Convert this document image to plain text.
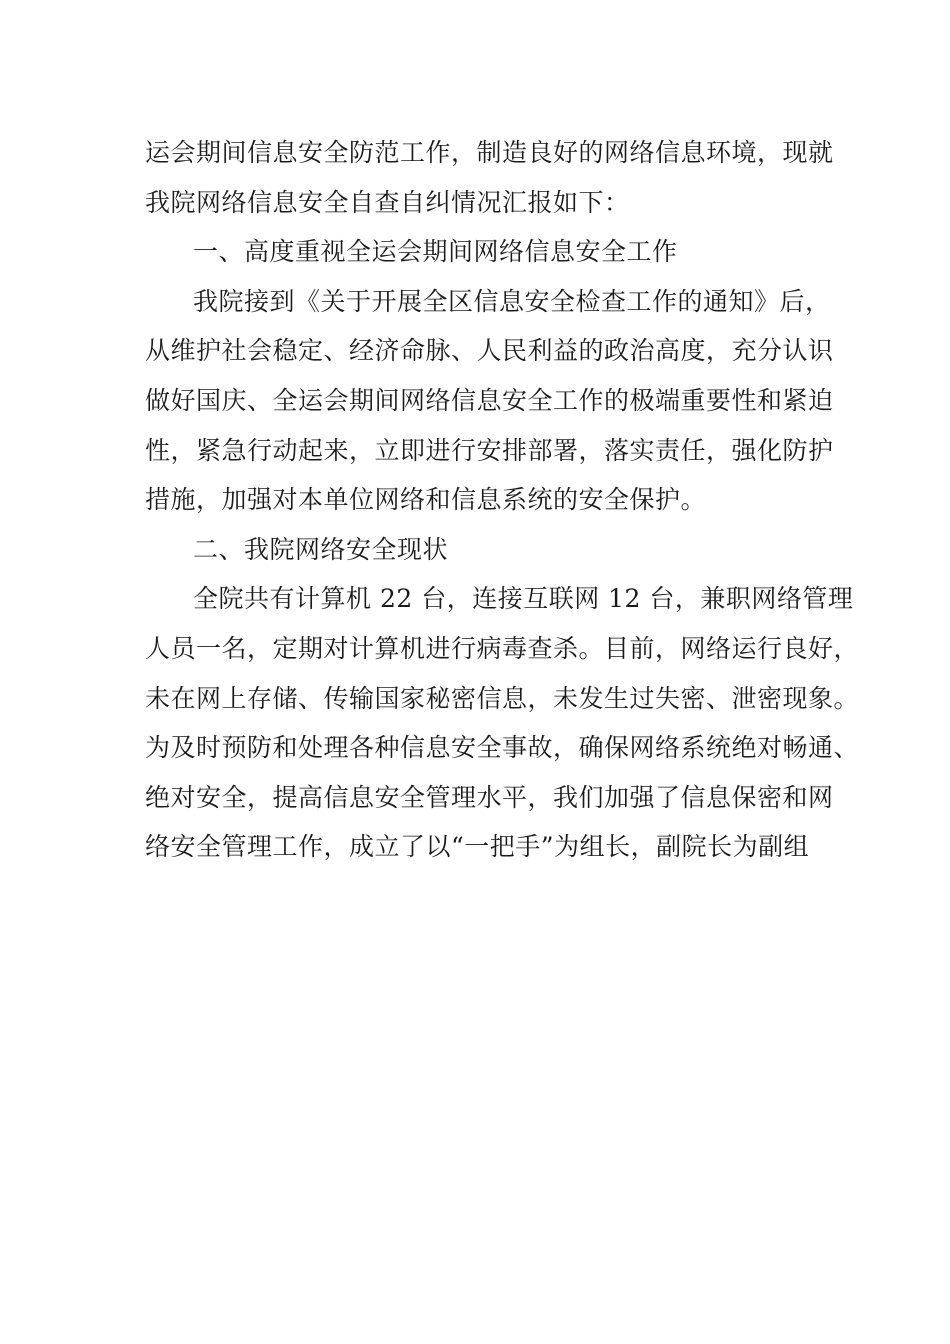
运会期间信息安全防范工作，制造良好的网络信息环境，现就
我院网络信息安全自查自纠情况汇报如下：
一、高度重视全运会期间网络信息安全工作
我院接到《关于开展全区信息安全检查工作的通知》后，
从维护社会稳定、经济命脉、人民利益的政治高度，充分认识
做好国庆、全运会期间网络信息安全工作的极端重要性和紧迫
性，紧急行动起来，立即进行安排部署，落实责任，强化防护
措施，加强对本单位网络和信息系统的安全保护。
二、我院网络安全现状
全院共有计算机 22 台，连接互联网 12 台，兼职网络管理
人员一名，定期对计算机进行病毒查杀。目前，网络运行良好，
未在网上存储、传输国家秘密信息，未发生过失密、泄密现象。
为及时预防和处理各种信息安全事故，确保网络系统绝对畅通、
绝对安全，提高信息安全管理水平，我们加强了信息保密和网
络安全管理工作，成立了以“一把手”为组长，副院长为副组
